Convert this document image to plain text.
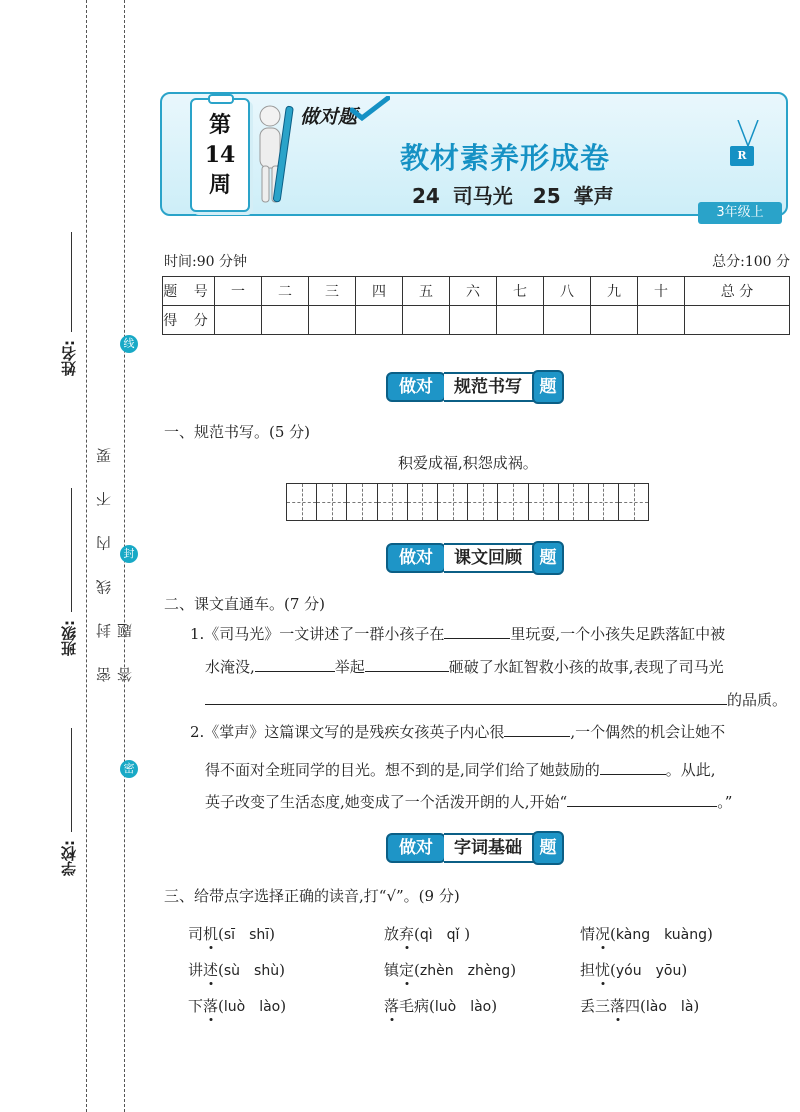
姓名:
班级:
学校:
密 封 线 内 不 要 答 题
线
封
密
第
14
周
做对题
教材素养形成卷
24 司马光　25 掌声
R
3年级上
时间:90 分钟	总分:100 分
题 号	一	二	三	四	五	六	七	八	九	十	总 分
得 分											
做对	规范书写	题
一、规范书写。(5 分)
积爱成福,积怨成祸。
做对	课文回顾	题
二、课文直通车。(7 分)
1.《司马光》一文讲述了一群小孩子在	里玩耍,一个小孩失足跌落缸中被
水淹没,	举起	砸破了水缸智救小孩的故事,表现了司马光
的品质。
2.《掌声》这篇课文写的是残疾女孩英子内心很	,一个偶然的机会让她不
得不面对全班同学的目光。想不到的是,同学们给了她鼓励的	。从此,
英子改变了生活态度,她变成了一个活泼开朗的人,开始“	。”
做对	字词基础	题
三、给带点字选择正确的读音,打“√”。(9 分)
司机(sī　shī)	放弃(qì　qǐ )	情况(kàng　kuàng)
讲述(sù　shù)	镇定(zhèn　zhèng)	担忧(yóu　yōu)
下落(luò　lào)	落毛病(luò　lào)	丢三落四(lào　là)
